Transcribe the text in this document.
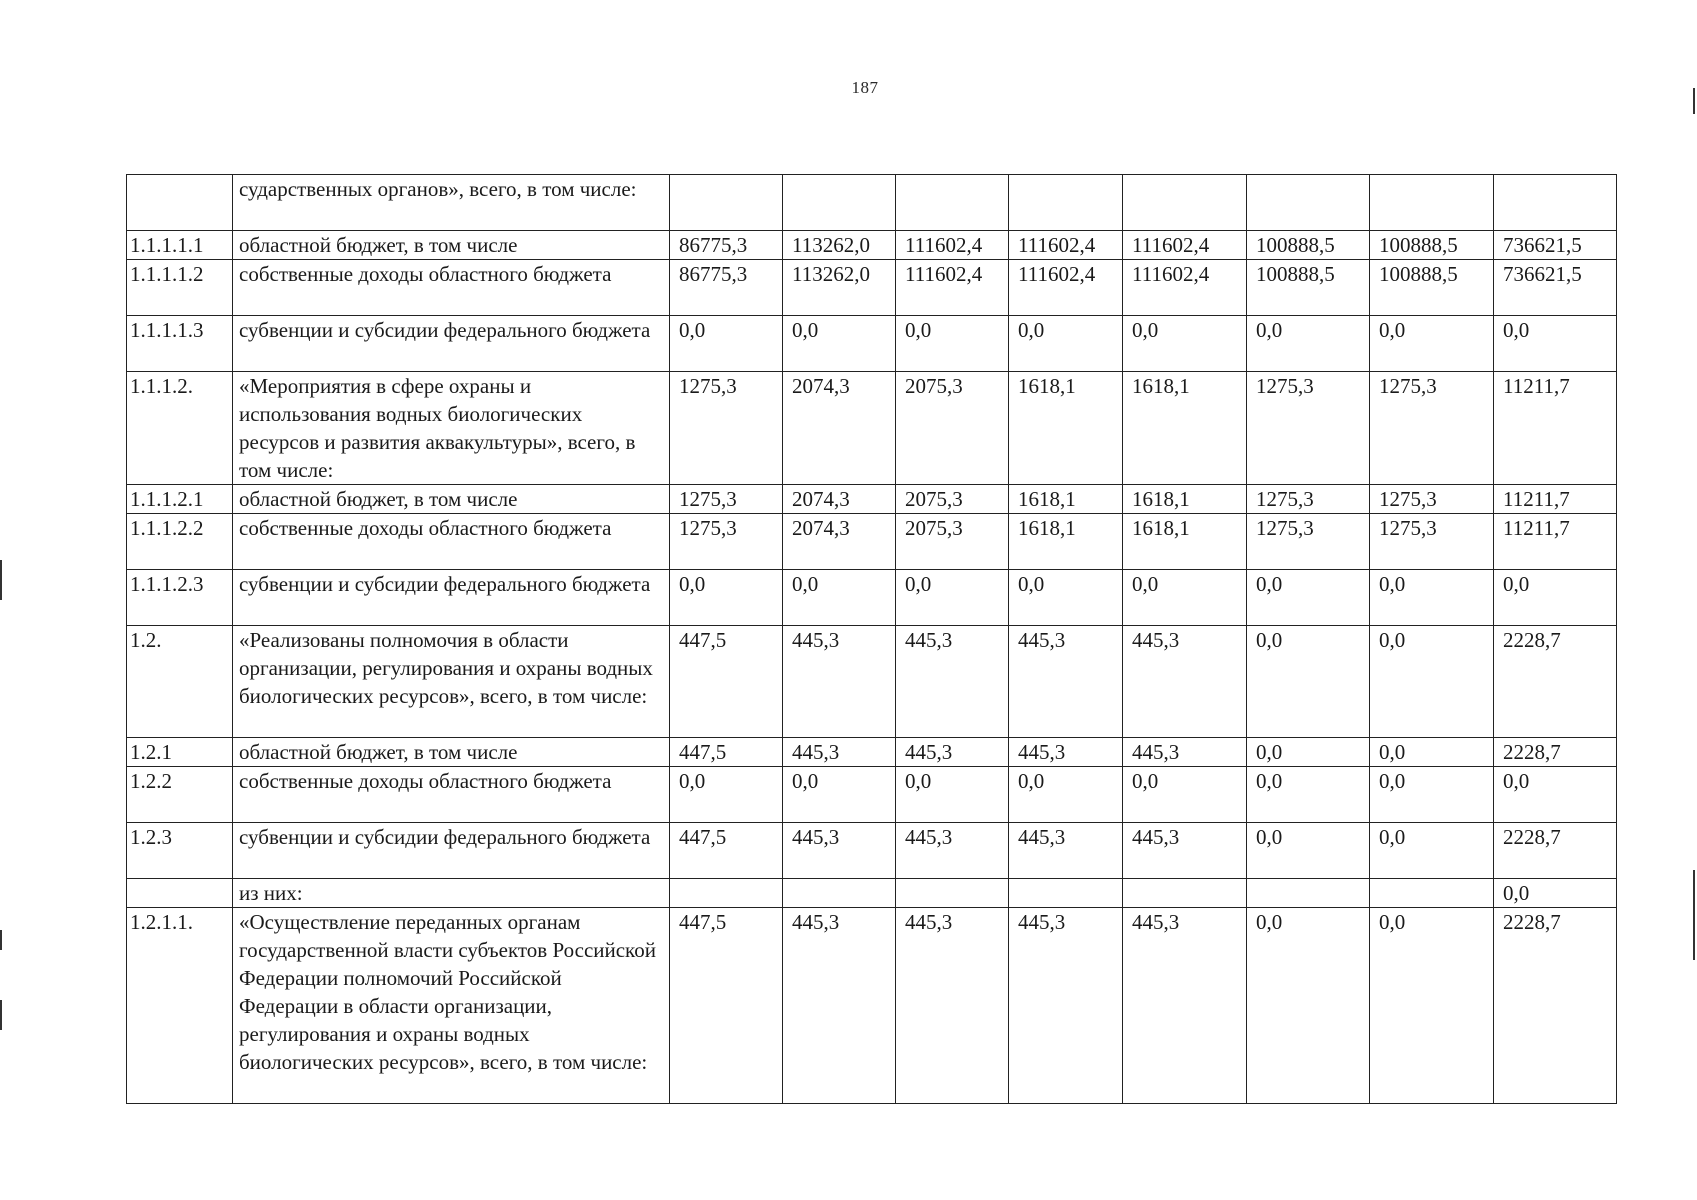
187
	сударственных органов», всего, в том числе:								
1.1.1.1.1	областной бюджет, в том числе	86775,3	113262,0	111602,4	111602,4	111602,4	100888,5	100888,5	736621,5
1.1.1.1.2	собственные доходы областного бюджета	86775,3	113262,0	111602,4	111602,4	111602,4	100888,5	100888,5	736621,5
1.1.1.1.3	субвенции и субсидии федерального бюджета	0,0	0,0	0,0	0,0	0,0	0,0	0,0	0,0
1.1.1.2.	«Мероприятия в сфере охраны и использования водных биологических ресурсов и развития аквакультуры», всего, в том числе:	1275,3	2074,3	2075,3	1618,1	1618,1	1275,3	1275,3	11211,7
1.1.1.2.1	областной бюджет, в том числе	1275,3	2074,3	2075,3	1618,1	1618,1	1275,3	1275,3	11211,7
1.1.1.2.2	собственные доходы областного бюджета	1275,3	2074,3	2075,3	1618,1	1618,1	1275,3	1275,3	11211,7
1.1.1.2.3	субвенции и субсидии федерального бюджета	0,0	0,0	0,0	0,0	0,0	0,0	0,0	0,0
1.2.	«Реализованы полномочия в области организации, регулирования и охраны водных биологических ресурсов», всего, в том числе:	447,5	445,3	445,3	445,3	445,3	0,0	0,0	2228,7
1.2.1	областной бюджет, в том числе	447,5	445,3	445,3	445,3	445,3	0,0	0,0	2228,7
1.2.2	собственные доходы областного бюджета	0,0	0,0	0,0	0,0	0,0	0,0	0,0	0,0
1.2.3	субвенции и субсидии федерального бюджета	447,5	445,3	445,3	445,3	445,3	0,0	0,0	2228,7
	из них:								0,0
1.2.1.1.	«Осуществление переданных органам государственной власти субъектов Российской Федерации полномочий Российской Федерации в области организации, регулирования и охраны водных биологических ресурсов», всего, в том числе:	447,5	445,3	445,3	445,3	445,3	0,0	0,0	2228,7
